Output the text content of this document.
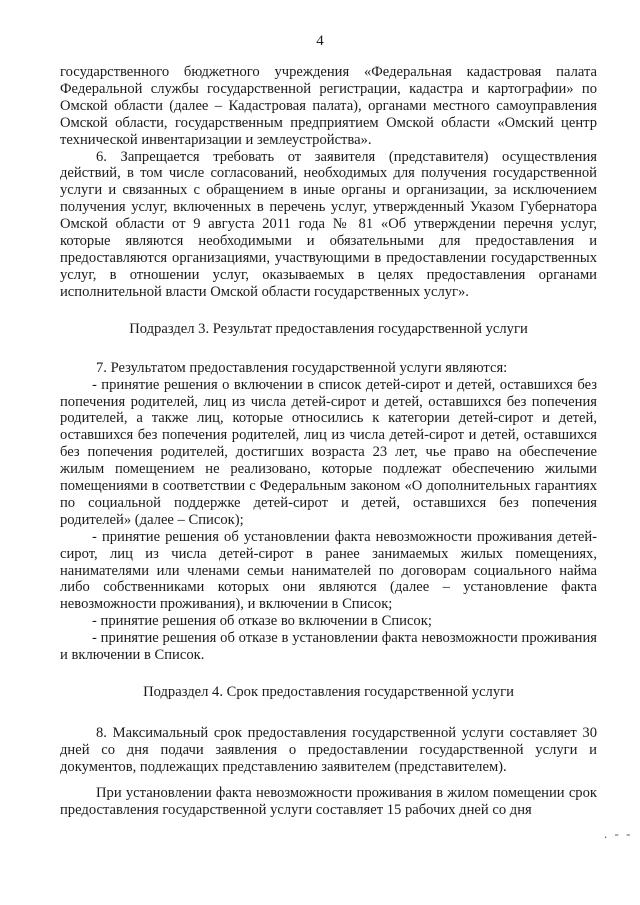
4

государственного бюджетного учреждения «Федеральная кадастровая палата Федеральной службы государственной регистрации, кадастра и картографии» по Омской области (далее – Кадастровая палата), органами местного самоуправления Омской области, государственным предприятием Омской области «Омский центр технической инвентаризации и землеустройства».

6. Запрещается требовать от заявителя (представителя) осуществления действий, в том числе согласований, необходимых для получения государственной услуги и связанных с обращением в иные органы и организации, за исключением получения услуг, включенных в перечень услуг, утвержденный Указом Губернатора Омской области от 9 августа 2011 года № 81 «Об утверждении перечня услуг, которые являются необходимыми и обязательными для предоставления и предоставляются организациями, участвующими в предоставлении государственных услуг, в отношении услуг, оказываемых в целях предоставления органами исполнительной власти Омской области государственных услуг».

Подраздел 3. Результат предоставления государственной услуги

7. Результатом предоставления государственной услуги являются:

- принятие решения о включении в список детей-сирот и детей, оставшихся без попечения родителей, лиц из числа детей-сирот и детей, оставшихся без попечения родителей, а также лиц, которые относились к категории детей-сирот и детей, оставшихся без попечения родителей, лиц из числа детей-сирот и детей, оставшихся без попечения родителей, достигших возраста 23 лет, чье право на обеспечение жилым помещением не реализовано, которые подлежат обеспечению жилыми помещениями в соответствии с Федеральным законом «О дополнительных гарантиях по социальной поддержке детей-сирот и детей, оставшихся без попечения родителей» (далее – Список);

- принятие решения об установлении факта невозможности проживания детей-сирот, лиц из числа детей-сирот в ранее занимаемых жилых помещениях, нанимателями или членами семьи нанимателей по договорам социального найма либо собственниками которых они являются (далее – установление факта невозможности проживания), и включении в Список;

- принятие решения об отказе во включении в Список;

- принятие решения об отказе в установлении факта невозможности проживания и включении в Список.

Подраздел 4. Срок предоставления государственной услуги

8. Максимальный срок предоставления государственной услуги составляет 30 дней со дня подачи заявления о предоставлении государственной услуги и документов, подлежащих представлению заявителем (представителем).

При установлении факта невозможности проживания в жилом помещении срок предоставления государственной услуги составляет 15 рабочих дней со дня

. - -
